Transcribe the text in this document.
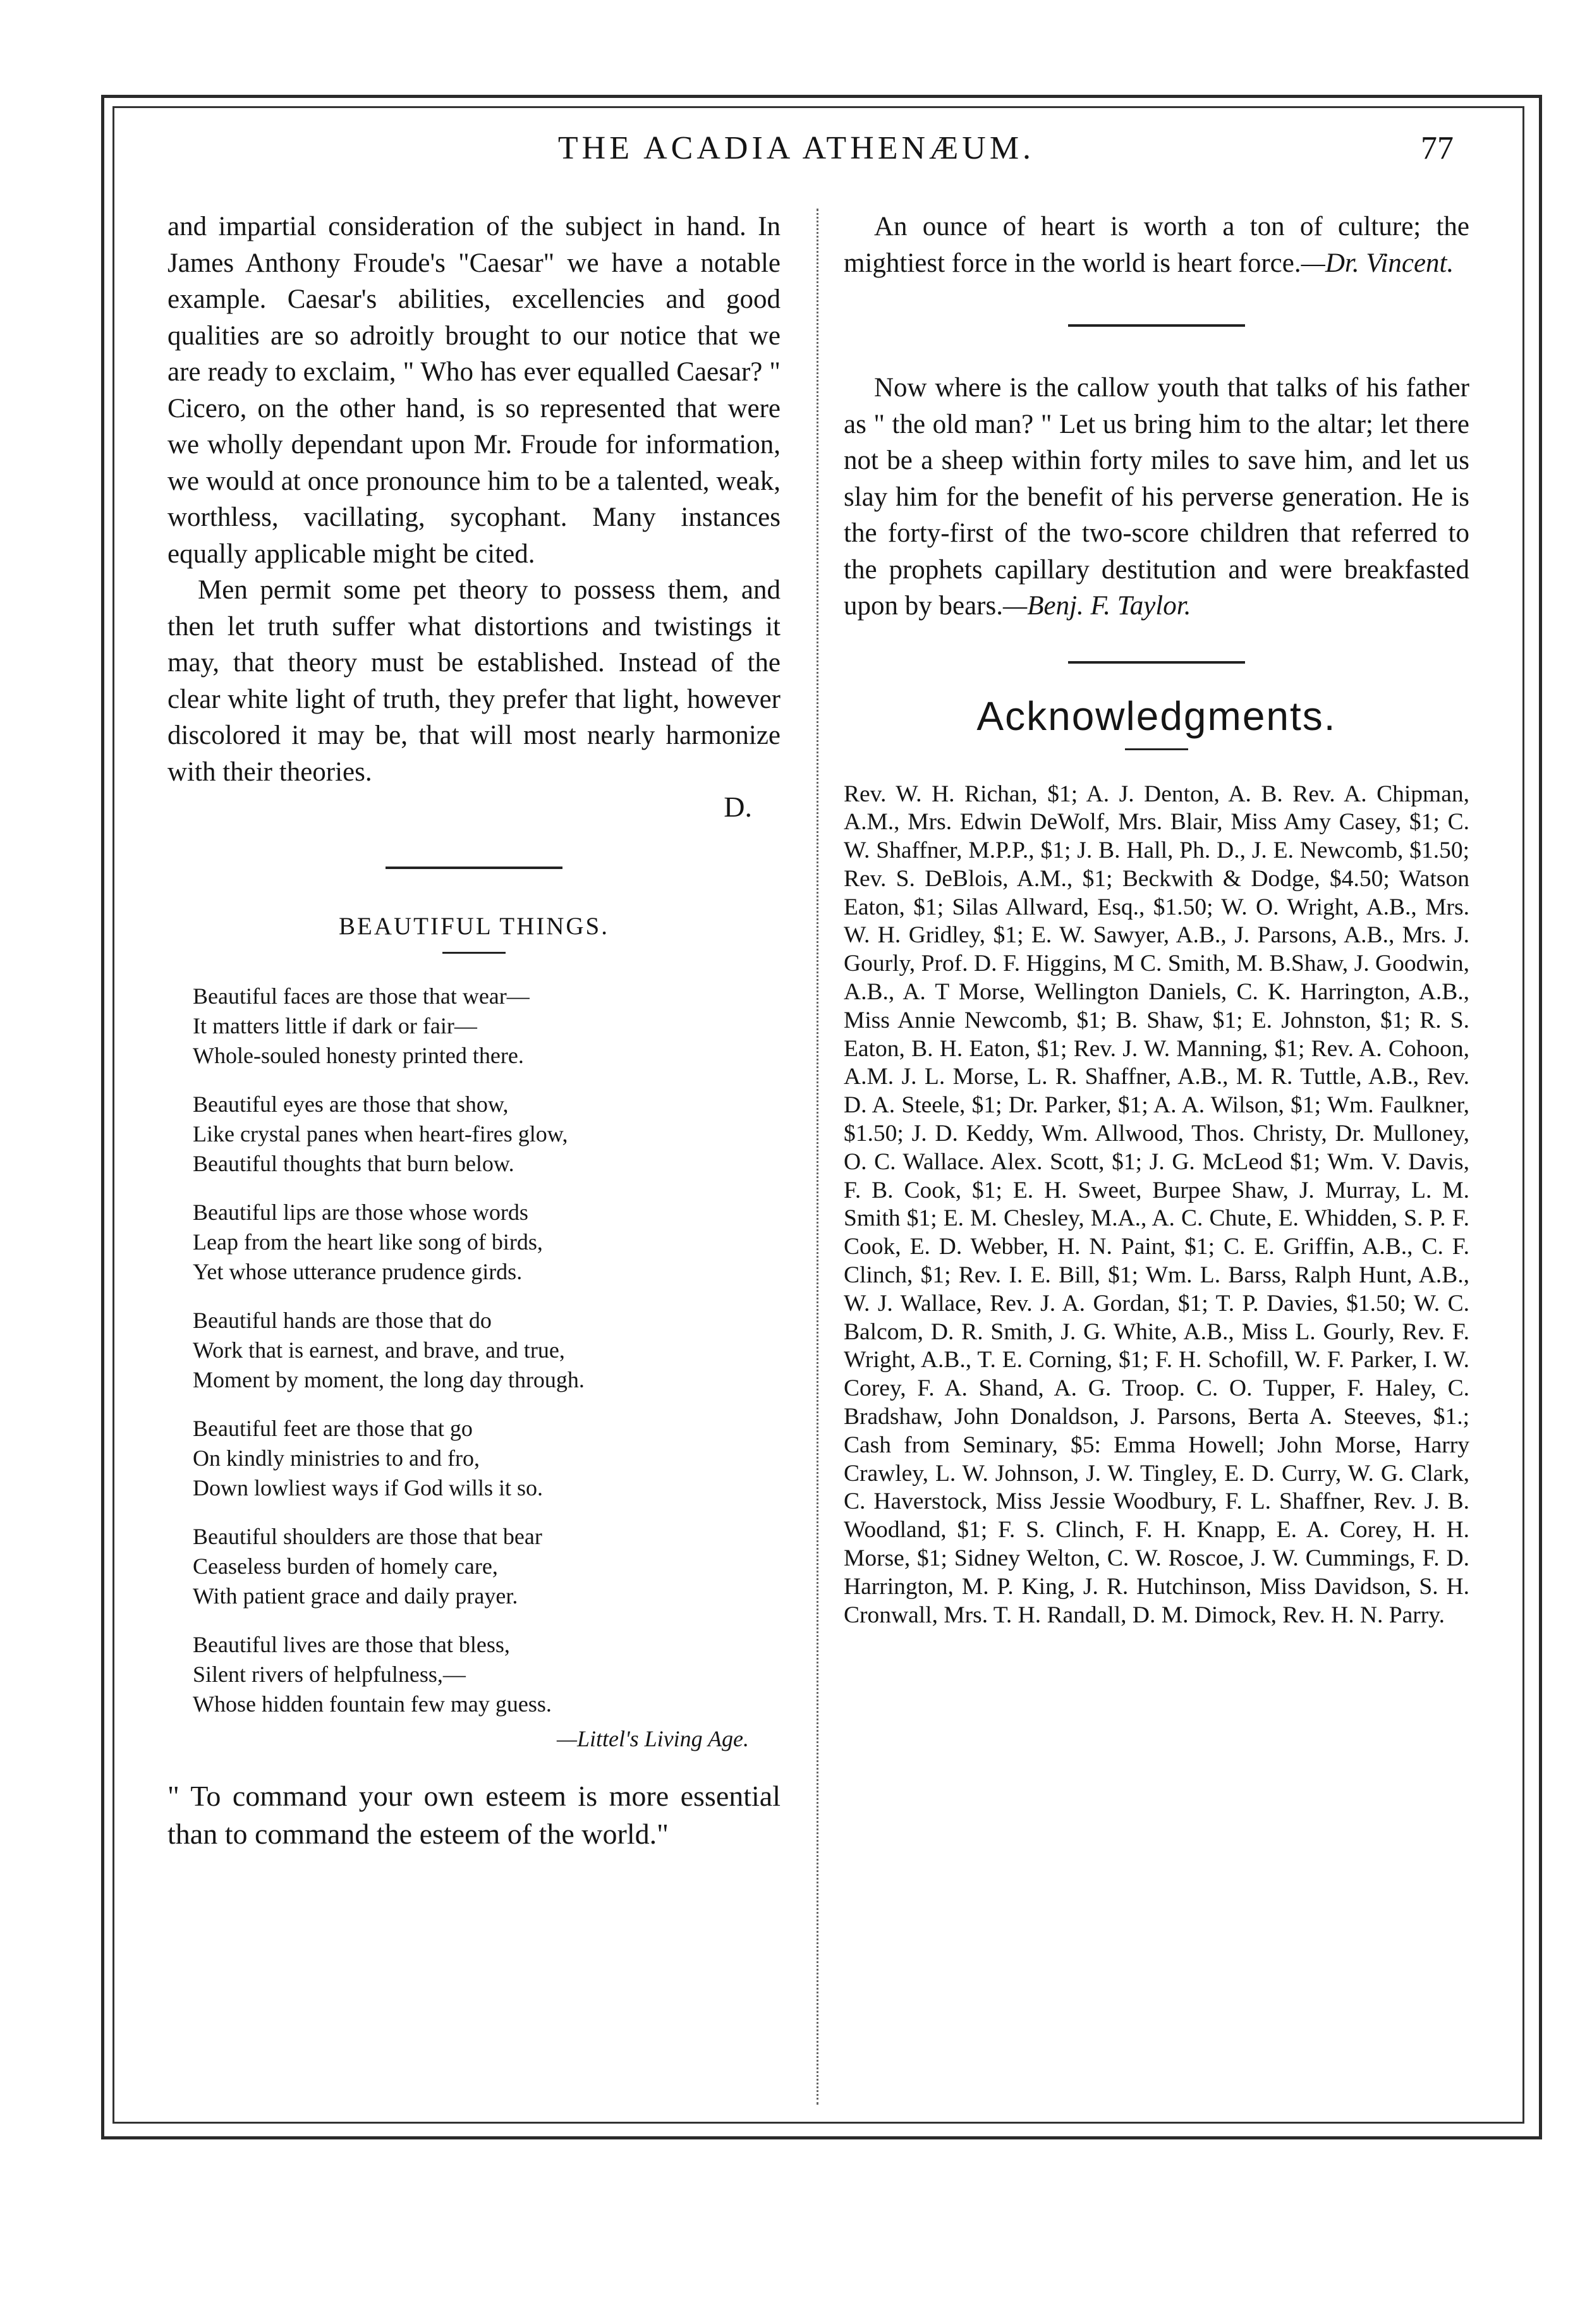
THE ACADIA ATHENÆUM.	77

and impartial consideration of the subject in hand. In James Anthony Froude's "Caesar" we have a notable example. Caesar's abilities, excellencies and good qualities are so adroitly brought to our notice that we are ready to exclaim, " Who has ever equalled Caesar? " Cicero, on the other hand, is so represented that were we wholly dependant upon Mr. Froude for information, we would at once pronounce him to be a talented, weak, worthless, vacillating, sycophant. Many instances equally applicable might be cited.

Men permit some pet theory to possess them, and then let truth suffer what distortions and twistings it may, that theory must be established. Instead of the clear white light of truth, they prefer that light, however discolored it may be, that will most nearly harmonize with their theories.

D.

BEAUTIFUL THINGS.

Beautiful faces are those that wear—
It matters little if dark or fair—
Whole-souled honesty printed there.
Beautiful eyes are those that show,
Like crystal panes when heart-fires glow,
Beautiful thoughts that burn below.
Beautiful lips are those whose words
Leap from the heart like song of birds,
Yet whose utterance prudence girds.
Beautiful hands are those that do
Work that is earnest, and brave, and true,
Moment by moment, the long day through.
Beautiful feet are those that go
On kindly ministries to and fro,
Down lowliest ways if God wills it so.
Beautiful shoulders are those that bear
Ceaseless burden of homely care,
With patient grace and daily prayer.
Beautiful lives are those that bless,
Silent rivers of helpfulness,—
Whose hidden fountain few may guess.
—Littel's Living Age.

" To command your own esteem is more essential than to command the esteem of the world."

An ounce of heart is worth a ton of culture; the mightiest force in the world is heart force.—Dr. Vincent.

Now where is the callow youth that talks of his father as " the old man? " Let us bring him to the altar; let there not be a sheep within forty miles to save him, and let us slay him for the benefit of his perverse generation. He is the forty-first of the two-score children that referred to the prophets capillary destitution and were breakfasted upon by bears.—Benj. F. Taylor.

Acknowledgments.

Rev. W. H. Richan, $1; A. J. Denton, A. B. Rev. A. Chipman, A.M., Mrs. Edwin DeWolf, Mrs. Blair, Miss Amy Casey, $1; C. W. Shaffner, M.P.P., $1; J. B. Hall, Ph. D., J. E. Newcomb, $1.50; Rev. S. DeBlois, A.M., $1; Beckwith & Dodge, $4.50; Watson Eaton, $1; Silas Allward, Esq., $1.50; W. O. Wright, A.B., Mrs. W. H. Gridley, $1; E. W. Sawyer, A.B., J. Parsons, A.B., Mrs. J. Gourly, Prof. D. F. Higgins, M C. Smith, M. B.Shaw, J. Goodwin, A.B., A. T Morse, Wellington Daniels, C. K. Harrington, A.B., Miss Annie Newcomb, $1; B. Shaw, $1; E. Johnston, $1; R. S. Eaton, B. H. Eaton, $1; Rev. J. W. Manning, $1; Rev. A. Cohoon, A.M. J. L. Morse, L. R. Shaffner, A.B., M. R. Tuttle, A.B., Rev. D. A. Steele, $1; Dr. Parker, $1; A. A. Wilson, $1; Wm. Faulkner, $1.50; J. D. Keddy, Wm. Allwood, Thos. Christy, Dr. Mulloney, O. C. Wallace. Alex. Scott, $1; J. G. McLeod $1; Wm. V. Davis, F. B. Cook, $1; E. H. Sweet, Burpee Shaw, J. Murray, L. M. Smith $1; E. M. Chesley, M.A., A. C. Chute, E. Whidden, S. P. F. Cook, E. D. Webber, H. N. Paint, $1; C. E. Griffin, A.B., C. F. Clinch, $1; Rev. I. E. Bill, $1; Wm. L. Barss, Ralph Hunt, A.B., W. J. Wallace, Rev. J. A. Gordan, $1; T. P. Davies, $1.50; W. C. Balcom, D. R. Smith, J. G. White, A.B., Miss L. Gourly, Rev. F. Wright, A.B., T. E. Corning, $1; F. H. Schofill, W. F. Parker, I. W. Corey, F. A. Shand, A. G. Troop. C. O. Tupper, F. Haley, C. Bradshaw, John Donaldson, J. Parsons, Berta A. Steeves, $1.; Cash from Seminary, $5: Emma Howell; John Morse, Harry Crawley, L. W. Johnson, J. W. Tingley, E. D. Curry, W. G. Clark, C. Haverstock, Miss Jessie Woodbury, F. L. Shaffner, Rev. J. B. Woodland, $1; F. S. Clinch, F. H. Knapp, E. A. Corey, H. H. Morse, $1; Sidney Welton, C. W. Roscoe, J. W. Cummings, F. D. Harrington, M. P. King, J. R. Hutchinson, Miss Davidson, S. H. Cronwall, Mrs. T. H. Randall, D. M. Dimock, Rev. H. N. Parry.
